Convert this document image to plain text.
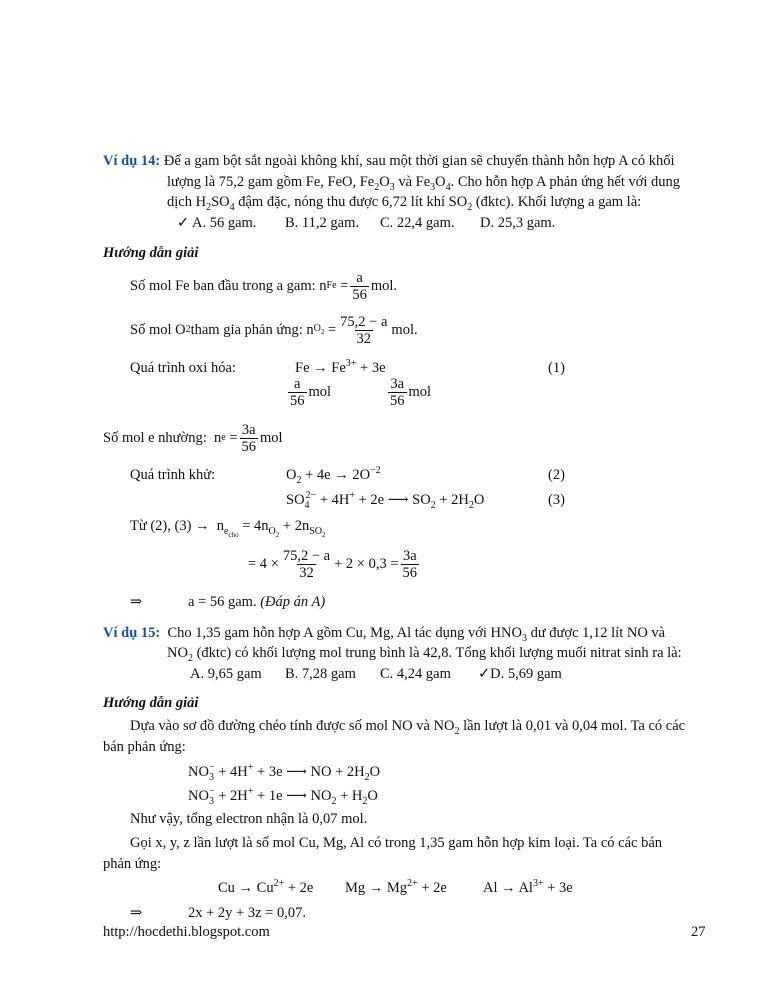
Ví dụ 14: Để a gam bột sắt ngoài không khí, sau một thời gian sẽ chuyển thành hỗn hợp A có khối
lượng là 75,2 gam gồm Fe, FeO, $Fe_2O_3$ và $Fe_3O_4$. Cho hỗn hợp A phản ứng hết với dung
dịch $H_2SO_4$ đậm đặc, nóng thu được 6,72 lít khí $SO_2$ (đktc). Khối lượng a gam là:
✓ A. 56 gam. B. 11,2 gam. C. 22,4 gam. D. 25,3 gam.
Hướng dẫn giải
Số mol Fe ban đầu trong a gam:
n Fe
= $\frac{a}{56}$ mol.
Số mol O 2 tham gia phản ứng:
n $O_2$
= $\frac{75,2 - a}{32}$ mol.
Quá trình oxi hóa:	$Fe \to Fe^{3+} + 3e$	(1)
$\frac{a}{56}$ mol	$\frac{3a}{56}$ mol
Số mol e nhường:
n e
= $\frac{3a}{56}$ mol
Quá trình khử:	$O_2 + 4e \to 2O^{-2}$	(2)
$SO_4^{2-} + 4H^+ + 2e$ ⟶ $SO_2 + 2H_2O$	(3)
Từ (2), $(3) \to n_{e_{cho}} = 4n_{O_2} + 2n_{SO_2}$
= $4 \times \frac{75,2 - a}{32} + 2 \times 0,3 = \frac{3a}{56}$
⇒	a = 56 gam. (Đáp án A)
Ví dụ 15: Cho 1,35 gam hỗn hợp A gồm Cu, Mg, Al tác dụng với $HNO_3$ dư được 1,12 lít NO và
$NO_2$ (đktc) có khối lượng mol trung bình là 42,8. Tổng khối lượng muối nitrat sinh ra là:
A. 9,65 gam B. 7,28 gam C. 4,24 gam ✓D. 5,69 gam
Hướng dẫn giải
Dựa vào sơ đồ đường chéo tính được số mol NO và $NO_2$ lần lượt là 0,01 và 0,04 mol. Ta có các
bán phản ứng:
$NO_3^- + 4H^+ + 3e$ ⟶ NO + $2H_2O$
$NO_3^- + 2H^+ + 1e$ ⟶ $NO_2 + H_2O$
Như vậy, tổng electron nhận là 0,07 mol.
Gọi x, y, z lần lượt là số mol Cu, Mg, Al có trong 1,35 gam hỗn hợp kim loại. Ta có các bán
phản ứng:
$Cu \to Cu^{2+} + 2e$ $Mg \to Mg^{2+} + 2e$ $Al \to Al^{3+} + 3e$
⇒	2x + 2y + 3z = 0,07.
http://hocdethi.blogspot.com	27
